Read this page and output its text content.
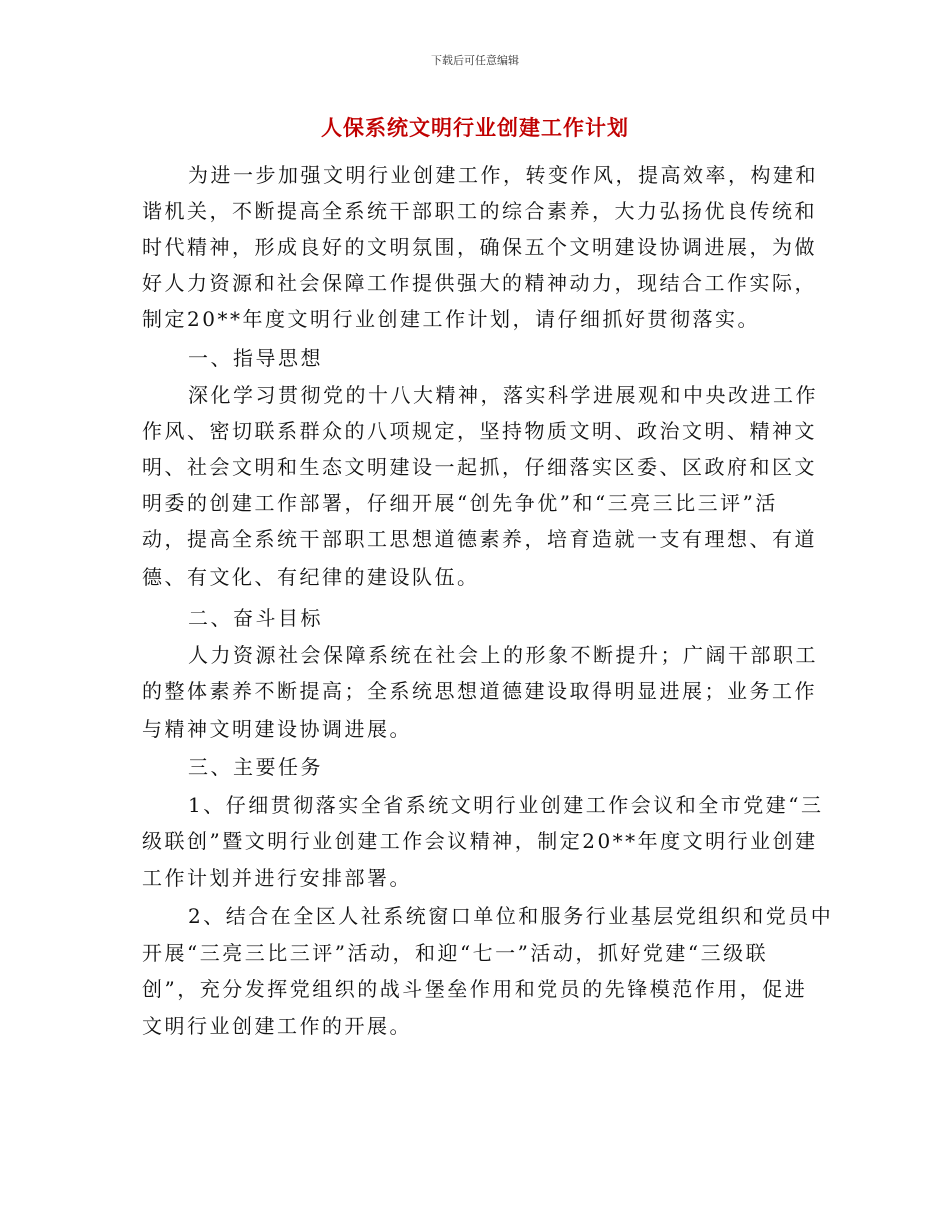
下载后可任意编辑
人保系统文明行业创建工作计划
为进一步加强文明行业创建工作，转变作风，提高效率，构建和
谐机关，不断提高全系统干部职工的综合素养，大力弘扬优良传统和
时代精神，形成良好的文明氛围，确保五个文明建设协调进展，为做
好人力资源和社会保障工作提供强大的精神动力，现结合工作实际，
制定20**年度文明行业创建工作计划，请仔细抓好贯彻落实。
一、指导思想
深化学习贯彻党的十八大精神，落实科学进展观和中央改进工作
作风、密切联系群众的八项规定，坚持物质文明、政治文明、精神文
明、社会文明和生态文明建设一起抓，仔细落实区委、区政府和区文
明委的创建工作部署，仔细开展“创先争优”和“三亮三比三评”活
动，提高全系统干部职工思想道德素养，培育造就一支有理想、有道
德、有文化、有纪律的建设队伍。
二、奋斗目标
人力资源社会保障系统在社会上的形象不断提升；广阔干部职工
的整体素养不断提高；全系统思想道德建设取得明显进展；业务工作
与精神文明建设协调进展。
三、主要任务
1、仔细贯彻落实全省系统文明行业创建工作会议和全市党建“三
级联创”暨文明行业创建工作会议精神，制定20**年度文明行业创建
工作计划并进行安排部署。
2、结合在全区人社系统窗口单位和服务行业基层党组织和党员中
开展“三亮三比三评”活动，和迎“七一”活动，抓好党建“三级联
创”，充分发挥党组织的战斗堡垒作用和党员的先锋模范作用，促进
文明行业创建工作的开展。
